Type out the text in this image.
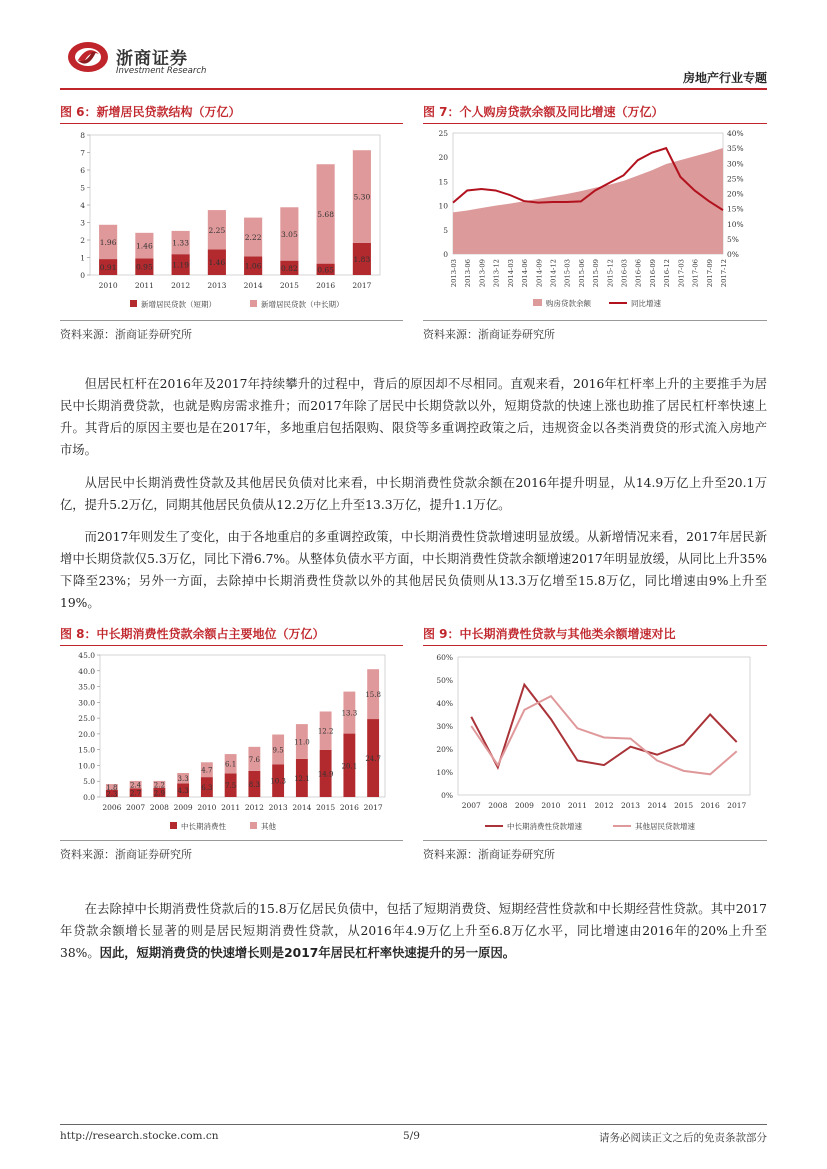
浙商证券
Investment Research	房地产行业专题
图 6：新增居民贷款结构（万亿）
0
1
2
3
4
5
6
7
8
0.91
1.96
2010
0.95
1.46
2011
1.19
1.33
2012
1.46
2.25
2013
1.06
2.22
2014
0.82
3.05
2015
0.65
5.68
2016
1.83
5.30
2017
新增居民贷款（短期）	新增居民贷款（中长期）
资料来源：浙商证券研究所
图 7：个人购房贷款余额及同比增速（万亿）
0
5
10
15
20
25
0%
5%
10%
15%
20%
25%
30%
35%
40%
2013-03 2013-06 2013-09 2013-12 2014-03 2014-06 2014-09 2014-12 2015-03 2015-06 2015-09 2015-12 2016-03 2016-06 2016-09 2016-12 2017-03 2017-06 2017-09 2017-12
购房贷款余额	同比增速
资料来源：浙商证券研究所

但居民杠杆在2016年及2017年持续攀升的过程中，背后的原因却不尽相同。直观来看，2016年杠杆率上升的主要推手为居民中长期消费贷款，也就是购房需求推升；而2017年除了居民中长期贷款以外，短期贷款的快速上涨也助推了居民杠杆率快速上升。其背后的原因主要也是在2017年，多地重启包括限购、限贷等多重调控政策之后，违规资金以各类消费贷的形式流入房地产市场。

从居民中长期消费性贷款及其他居民负债对比来看，中长期消费性贷款余额在2016年提升明显，从14.9万亿上升至20.1万亿，提升5.2万亿，同期其他居民负债从12.2万亿上升至13.3万亿，提升1.1万亿。

而2017年则发生了变化，由于各地重启的多重调控政策，中长期消费性贷款增速明显放缓。从新增情况来看，2017年居民新增中长期贷款仅5.3万亿，同比下滑6.7%。从整体负债水平方面，中长期消费性贷款余额增速2017年明显放缓，从同比上升35%下降至23%；另外一方面，去除掉中长期消费性贷款以外的其他居民负债则从13.3万亿增至15.8万亿，同比增速由9%上升至19%。

图 8：中长期消费性贷款余额占主要地位（万亿）
0.0
5.0
10.0
15.0
20.0
25.0
30.0
35.0
40.0
45.0
2.3
1.8
2006
2.7
2.4
2007
2.9
2.2
2008
4.3
3.3
2009
6.3
4.7
2010
7.5
6.1
2011
8.3
7.6
2012
10.3
9.5
2013
12.1
11.0
2014
14.9
12.2
2015
20.1
13.3
2016
24.7
15.8
2017
中长期消费性	其他
资料来源：浙商证券研究所
图 9：中长期消费性贷款与其他类余额增速对比
0%
10%
20%
30%
40%
50%
60%
2007 2008 2009 2010 2011 2012 2013 2014 2015 2016 2017
中长期消费性贷款增速	其他居民贷款增速
资料来源：浙商证券研究所

在去除掉中长期消费性贷款后的15.8万亿居民负债中，包括了短期消费贷、短期经营性贷款和中长期经营性贷款。其中2017年贷款余额增长显著的则是居民短期消费性贷款，从2016年4.9万亿上升至6.8万亿水平，同比增速由2016年的20%上升至38%。因此，短期消费贷的快速增长则是2017年居民杠杆率快速提升的另一原因。

http://research.stocke.com.cn	5/9	请务必阅读正文之后的免责条款部分
